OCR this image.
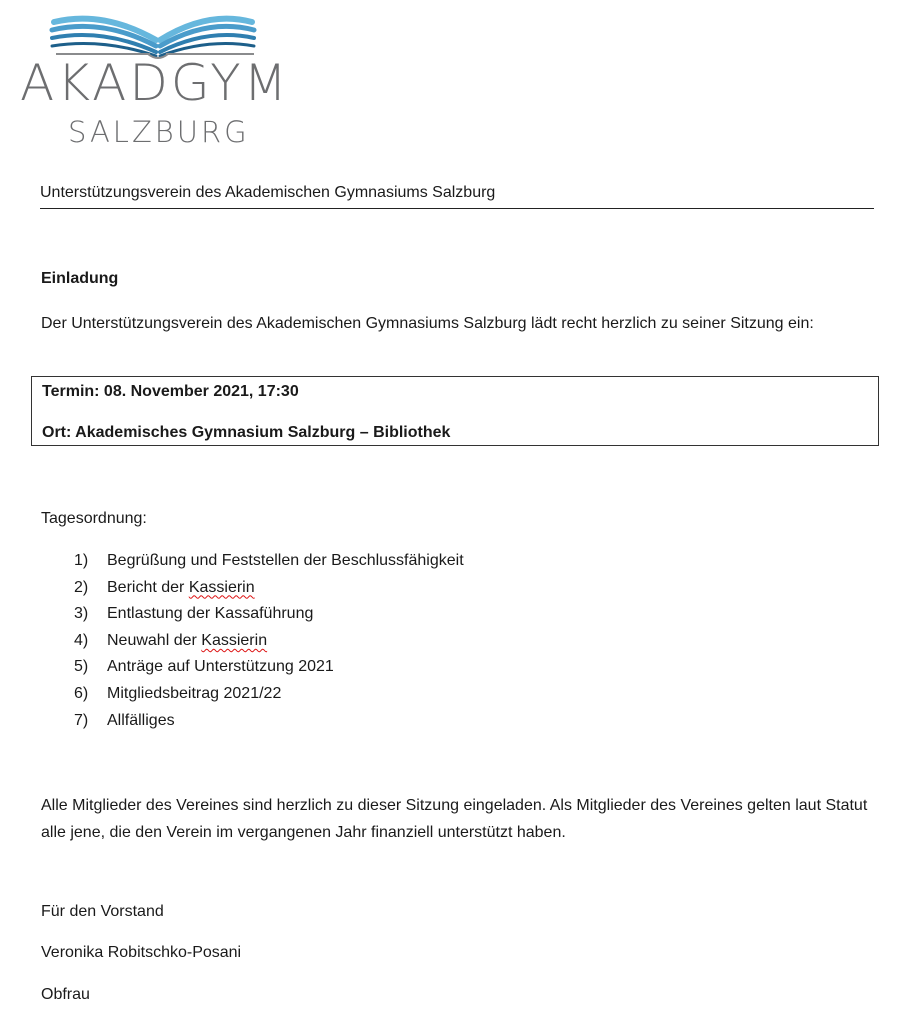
AKADGYM
SALZBURG
Unterstützungsverein des Akademischen Gymnasiums Salzburg
Einladung
Der Unterstützungsverein des Akademischen Gymnasiums Salzburg lädt recht herzlich zu seiner Sitzung ein:
Termin: 08. November 2021, 17:30
Ort: Akademisches Gymnasium Salzburg – Bibliothek
Tagesordnung:
1)	Begrüßung und Feststellen der Beschlussfähigkeit
2)	Bericht der Kassierin
3)	Entlastung der Kassaführung
4)	Neuwahl der Kassierin
5)	Anträge auf Unterstützung 2021
6)	Mitgliedsbeitrag 2021/22
7)	Allfälliges
Alle Mitglieder des Vereines sind herzlich zu dieser Sitzung eingeladen. Als Mitglieder des Vereines gelten laut Statut alle jene, die den Verein im vergangenen Jahr finanziell unterstützt haben.
Für den Vorstand
Veronika Robitschko-Posani
Obfrau
